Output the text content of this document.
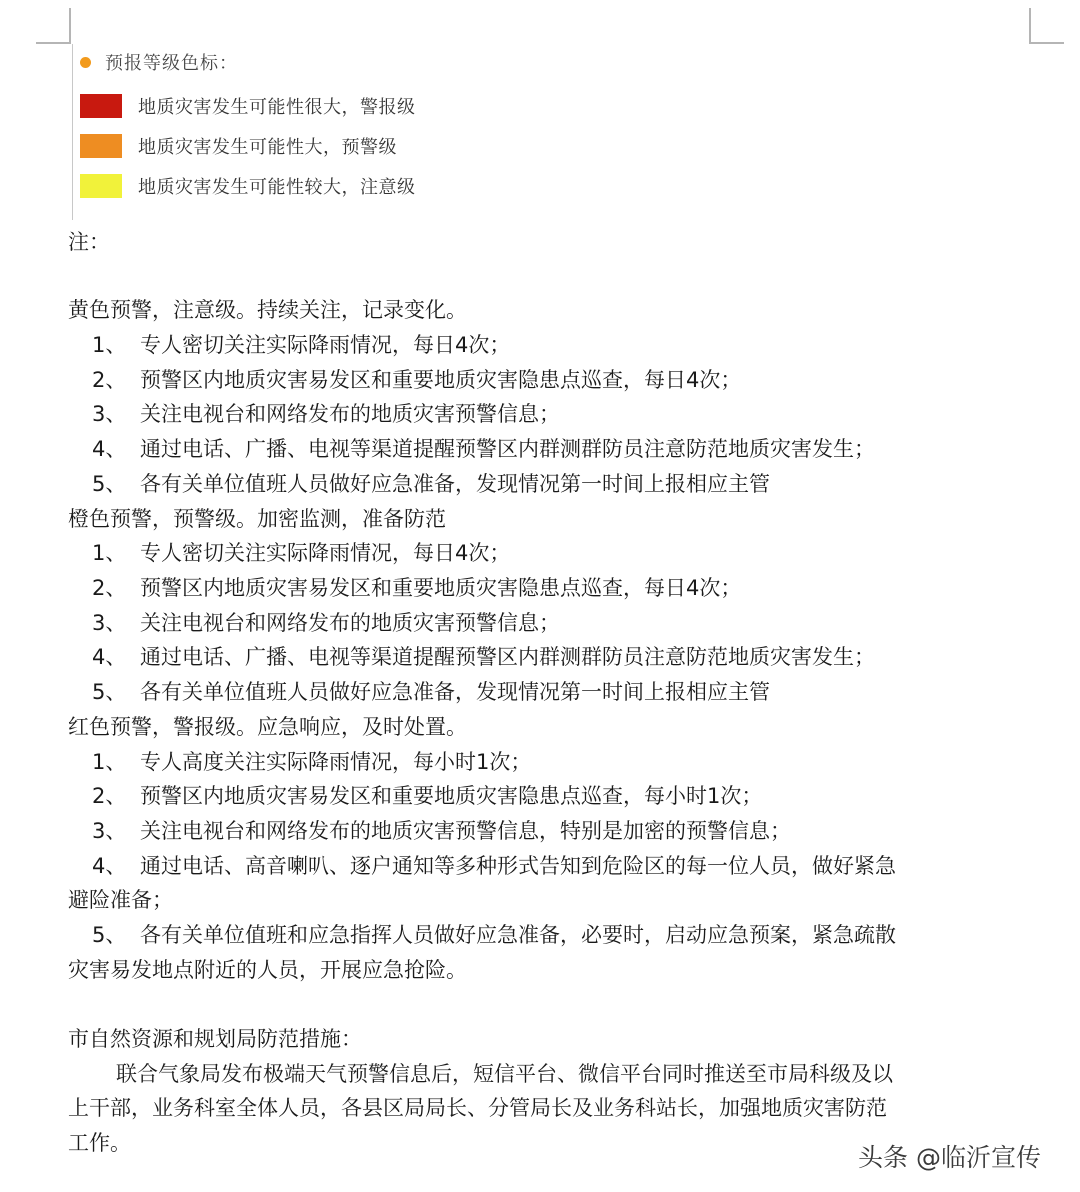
预报等级色标：
地质灾害发生可能性很大，警报级
地质灾害发生可能性大，预警级
地质灾害发生可能性较大，注意级
注：
黄色预警，注意级。持续关注，记录变化。
1、 专人密切关注实际降雨情况，每日4次；
2、 预警区内地质灾害易发区和重要地质灾害隐患点巡查，每日4次；
3、 关注电视台和网络发布的地质灾害预警信息；
4、 通过电话、广播、电视等渠道提醒预警区内群测群防员注意防范地质灾害发生；
5、 各有关单位值班人员做好应急准备，发现情况第一时间上报相应主管
橙色预警，预警级。加密监测，准备防范
1、 专人密切关注实际降雨情况，每日4次；
2、 预警区内地质灾害易发区和重要地质灾害隐患点巡查，每日4次；
3、 关注电视台和网络发布的地质灾害预警信息；
4、 通过电话、广播、电视等渠道提醒预警区内群测群防员注意防范地质灾害发生；
5、 各有关单位值班人员做好应急准备，发现情况第一时间上报相应主管
红色预警，警报级。应急响应，及时处置。
1、 专人高度关注实际降雨情况，每小时1次；
2、 预警区内地质灾害易发区和重要地质灾害隐患点巡查，每小时1次；
3、 关注电视台和网络发布的地质灾害预警信息，特别是加密的预警信息；
4、 通过电话、高音喇叭、逐户通知等多种形式告知到危险区的每一位人员，做好紧急
避险准备；
5、 各有关单位值班和应急指挥人员做好应急准备，必要时，启动应急预案，紧急疏散
灾害易发地点附近的人员，开展应急抢险。
市自然资源和规划局防范措施：
联合气象局发布极端天气预警信息后，短信平台、微信平台同时推送至市局科级及以
上干部，业务科室全体人员，各县区局局长、分管局长及业务科站长，加强地质灾害防范
工作。	头条 @临沂宣传
